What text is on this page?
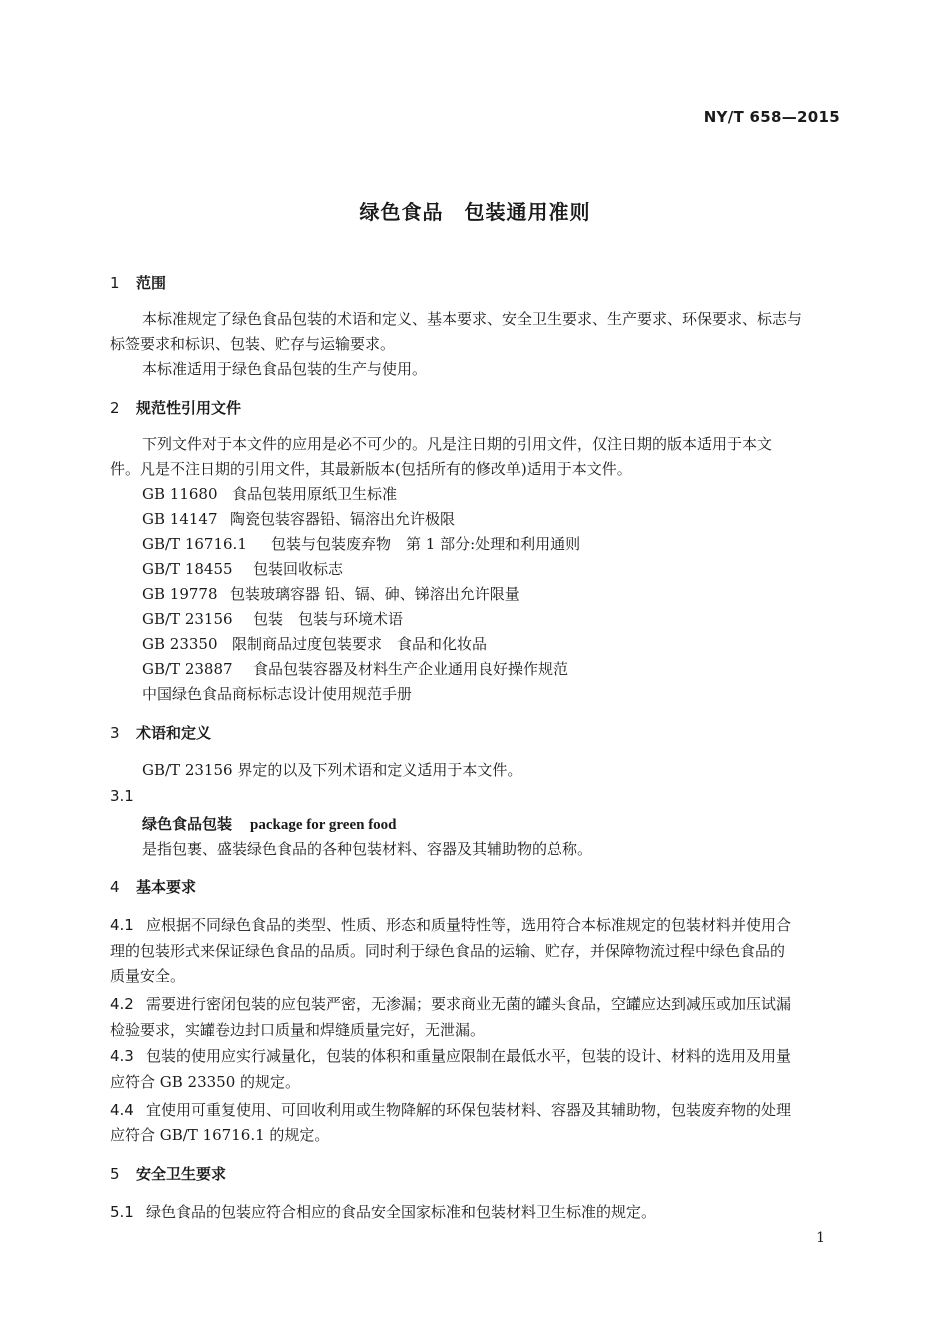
NY/T 658—2015
绿色食品　包装通用准则
1 范围
本标准规定了绿色食品包装的术语和定义、基本要求、安全卫生要求、生产要求、环保要求、标志与
标签要求和标识、包装、贮存与运输要求。
本标准适用于绿色食品包装的生产与使用。
2 规范性引用文件
下列文件对于本文件的应用是必不可少的。凡是注日期的引用文件，仅注日期的版本适用于本文
件。凡是不注日期的引用文件，其最新版本(包括所有的修改单)适用于本文件。
GB 11680 食品包装用原纸卫生标准
GB 14147 陶瓷包装容器铅、镉溶出允许极限
GB/T 16716.1 包装与包装废弃物　第 1 部分:处理和利用通则
GB/T 18455 包装回收标志
GB 19778 包装玻璃容器 铅、镉、砷、锑溶出允许限量
GB/T 23156 包装　包装与环境术语
GB 23350 限制商品过度包装要求　食品和化妆品
GB/T 23887 食品包装容器及材料生产企业通用良好操作规范
中国绿色食品商标标志设计使用规范手册
3 术语和定义
GB/T 23156 界定的以及下列术语和定义适用于本文件。
3.1
绿色食品包装 package for green food
是指包裹、盛装绿色食品的各种包装材料、容器及其辅助物的总称。
4 基本要求
4.1 应根据不同绿色食品的类型、性质、形态和质量特性等，选用符合本标准规定的包装材料并使用合
理的包装形式来保证绿色食品的品质。同时利于绿色食品的运输、贮存，并保障物流过程中绿色食品的
质量安全。
4.2 需要进行密闭包装的应包装严密，无渗漏；要求商业无菌的罐头食品，空罐应达到减压或加压试漏
检验要求，实罐卷边封口质量和焊缝质量完好，无泄漏。
4.3 包装的使用应实行减量化，包装的体积和重量应限制在最低水平，包装的设计、材料的选用及用量
应符合 GB 23350 的规定。
4.4 宜使用可重复使用、可回收利用或生物降解的环保包装材料、容器及其辅助物，包装废弃物的处理
应符合 GB/T 16716.1 的规定。
5 安全卫生要求
5.1 绿色食品的包装应符合相应的食品安全国家标准和包装材料卫生标准的规定。
1
